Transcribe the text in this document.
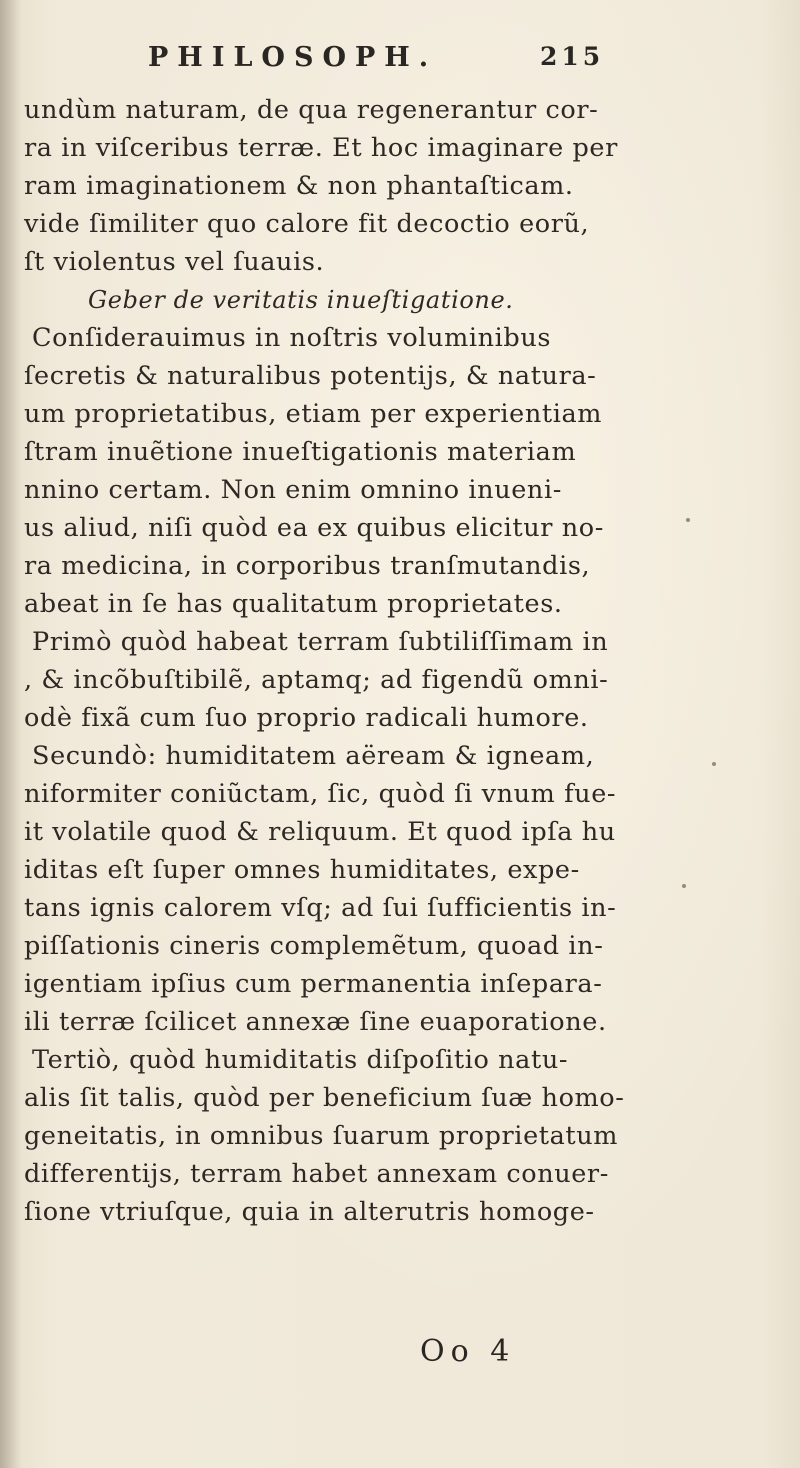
PHILOSOPH.	215
undùm naturam, de qua regenerantur cor-
ra in viſceribus terræ. Et hoc imaginare per
ram imaginationem & non phantaſticam.
vide ſimiliter quo calore fit decoctio eorũ,
ſt violentus vel ſuauis.
Geber de veritatis inueſtigatione.
Conſiderauimus in noſtris voluminibus
ſecretis & naturalibus potentijs, & natura-
um proprietatibus, etiam per experientiam
ſtram inuẽtione inueſtigationis materiam
nnino certam. Non enim omnino inueni-
us aliud, niſi quòd ea ex quibus elicitur no-
ra medicina, in corporibus tranſmutandis,
abeat in ſe has qualitatum proprietates.
Primò quòd habeat terram ſubtiliſſimam in
, & incõbuſtibilẽ, aptamq; ad figendũ omni-
odè fixã cum ſuo proprio radicali humore.
Secundò: humiditatem aëream & igneam,
niformiter coniũctam, ſic, quòd ſi vnum fue-
it volatile quod & reliquum. Et quod ipſa hu
iditas eſt ſuper omnes humiditates, expe-
tans ignis calorem vſq; ad ſui ſufficientis in-
piſſationis cineris complemẽtum, quoad in-
igentiam ipſius cum permanentia inſepara-
ili terræ ſcilicet annexæ ſine euaporatione.
Tertiò, quòd humiditatis diſpoſitio natu-
alis ſit talis, quòd per beneficium ſuæ homo-
geneitatis, in omnibus ſuarum proprietatum
differentijs, terram habet annexam conuer-
ſione vtriuſque, quia in alterutris homoge-
Oo 4
